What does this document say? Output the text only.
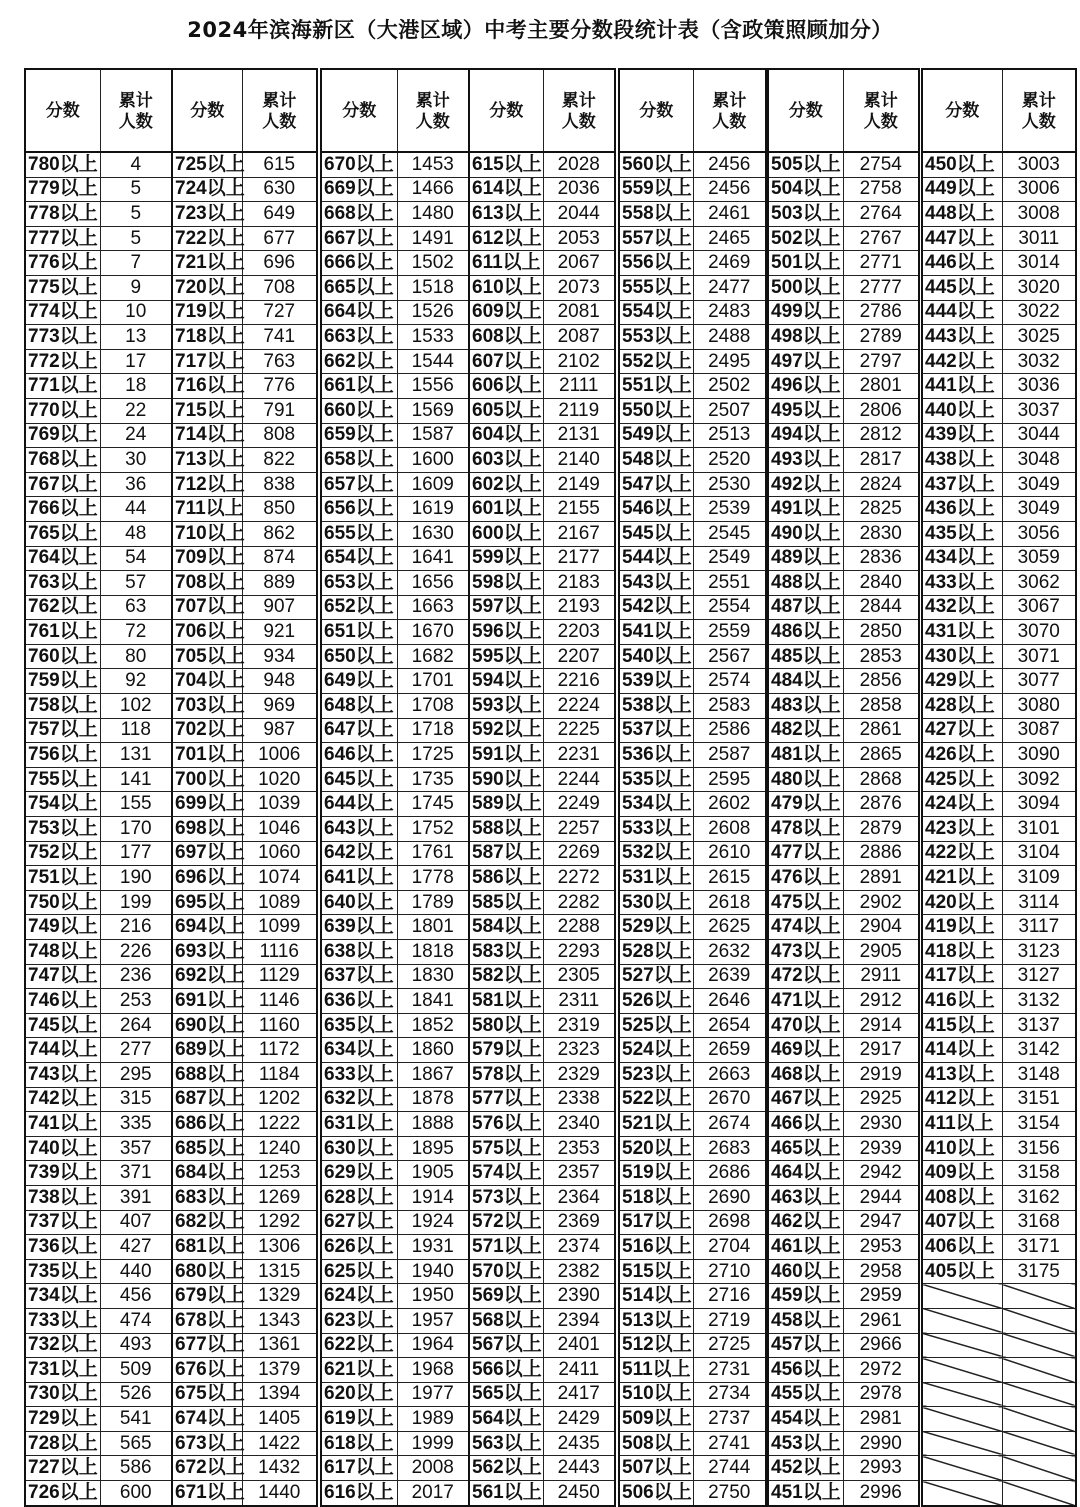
2024年滨海新区（大港区域）中考主要分数段统计表（含政策照顾加分）
分数	累计
人数
780以上	4
779以上	5
778以上	5
777以上	5
776以上	7
775以上	9
774以上	10
773以上	13
772以上	17
771以上	18
770以上	22
769以上	24
768以上	30
767以上	36
766以上	44
765以上	48
764以上	54
763以上	57
762以上	63
761以上	72
760以上	80
759以上	92
758以上	102
757以上	118
756以上	131
755以上	141
754以上	155
753以上	170
752以上	177
751以上	190
750以上	199
749以上	216
748以上	226
747以上	236
746以上	253
745以上	264
744以上	277
743以上	295
742以上	315
741以上	335
740以上	357
739以上	371
738以上	391
737以上	407
736以上	427
735以上	440
734以上	456
733以上	474
732以上	493
731以上	509
730以上	526
729以上	541
728以上	565
727以上	586
726以上	600
分数	累计
人数
725以上	615
724以上	630
723以上	649
722以上	677
721以上	696
720以上	708
719以上	727
718以上	741
717以上	763
716以上	776
715以上	791
714以上	808
713以上	822
712以上	838
711以上	850
710以上	862
709以上	874
708以上	889
707以上	907
706以上	921
705以上	934
704以上	948
703以上	969
702以上	987
701以上	1006
700以上	1020
699以上	1039
698以上	1046
697以上	1060
696以上	1074
695以上	1089
694以上	1099
693以上	1116
692以上	1129
691以上	1146
690以上	1160
689以上	1172
688以上	1184
687以上	1202
686以上	1222
685以上	1240
684以上	1253
683以上	1269
682以上	1292
681以上	1306
680以上	1315
679以上	1329
678以上	1343
677以上	1361
676以上	1379
675以上	1394
674以上	1405
673以上	1422
672以上	1432
671以上	1440
分数	累计
人数
670以上	1453
669以上	1466
668以上	1480
667以上	1491
666以上	1502
665以上	1518
664以上	1526
663以上	1533
662以上	1544
661以上	1556
660以上	1569
659以上	1587
658以上	1600
657以上	1609
656以上	1619
655以上	1630
654以上	1641
653以上	1656
652以上	1663
651以上	1670
650以上	1682
649以上	1701
648以上	1708
647以上	1718
646以上	1725
645以上	1735
644以上	1745
643以上	1752
642以上	1761
641以上	1778
640以上	1789
639以上	1801
638以上	1818
637以上	1830
636以上	1841
635以上	1852
634以上	1860
633以上	1867
632以上	1878
631以上	1888
630以上	1895
629以上	1905
628以上	1914
627以上	1924
626以上	1931
625以上	1940
624以上	1950
623以上	1957
622以上	1964
621以上	1968
620以上	1977
619以上	1989
618以上	1999
617以上	2008
616以上	2017
分数	累计
人数
615以上	2028
614以上	2036
613以上	2044
612以上	2053
611以上	2067
610以上	2073
609以上	2081
608以上	2087
607以上	2102
606以上	2111
605以上	2119
604以上	2131
603以上	2140
602以上	2149
601以上	2155
600以上	2167
599以上	2177
598以上	2183
597以上	2193
596以上	2203
595以上	2207
594以上	2216
593以上	2224
592以上	2225
591以上	2231
590以上	2244
589以上	2249
588以上	2257
587以上	2269
586以上	2272
585以上	2282
584以上	2288
583以上	2293
582以上	2305
581以上	2311
580以上	2319
579以上	2323
578以上	2329
577以上	2338
576以上	2340
575以上	2353
574以上	2357
573以上	2364
572以上	2369
571以上	2374
570以上	2382
569以上	2390
568以上	2394
567以上	2401
566以上	2411
565以上	2417
564以上	2429
563以上	2435
562以上	2443
561以上	2450
分数	累计
人数
560以上	2456
559以上	2456
558以上	2461
557以上	2465
556以上	2469
555以上	2477
554以上	2483
553以上	2488
552以上	2495
551以上	2502
550以上	2507
549以上	2513
548以上	2520
547以上	2530
546以上	2539
545以上	2545
544以上	2549
543以上	2551
542以上	2554
541以上	2559
540以上	2567
539以上	2574
538以上	2583
537以上	2586
536以上	2587
535以上	2595
534以上	2602
533以上	2608
532以上	2610
531以上	2615
530以上	2618
529以上	2625
528以上	2632
527以上	2639
526以上	2646
525以上	2654
524以上	2659
523以上	2663
522以上	2670
521以上	2674
520以上	2683
519以上	2686
518以上	2690
517以上	2698
516以上	2704
515以上	2710
514以上	2716
513以上	2719
512以上	2725
511以上	2731
510以上	2734
509以上	2737
508以上	2741
507以上	2744
506以上	2750
分数	累计
人数
505以上	2754
504以上	2758
503以上	2764
502以上	2767
501以上	2771
500以上	2777
499以上	2786
498以上	2789
497以上	2797
496以上	2801
495以上	2806
494以上	2812
493以上	2817
492以上	2824
491以上	2825
490以上	2830
489以上	2836
488以上	2840
487以上	2844
486以上	2850
485以上	2853
484以上	2856
483以上	2858
482以上	2861
481以上	2865
480以上	2868
479以上	2876
478以上	2879
477以上	2886
476以上	2891
475以上	2902
474以上	2904
473以上	2905
472以上	2911
471以上	2912
470以上	2914
469以上	2917
468以上	2919
467以上	2925
466以上	2930
465以上	2939
464以上	2942
463以上	2944
462以上	2947
461以上	2953
460以上	2958
459以上	2959
458以上	2961
457以上	2966
456以上	2972
455以上	2978
454以上	2981
453以上	2990
452以上	2993
451以上	2996
分数	累计
人数
450以上	3003
449以上	3006
448以上	3008
447以上	3011
446以上	3014
445以上	3020
444以上	3022
443以上	3025
442以上	3032
441以上	3036
440以上	3037
439以上	3044
438以上	3048
437以上	3049
436以上	3049
435以上	3056
434以上	3059
433以上	3062
432以上	3067
431以上	3070
430以上	3071
429以上	3077
428以上	3080
427以上	3087
426以上	3090
425以上	3092
424以上	3094
423以上	3101
422以上	3104
421以上	3109
420以上	3114
419以上	3117
418以上	3123
417以上	3127
416以上	3132
415以上	3137
414以上	3142
413以上	3148
412以上	3151
411以上	3154
410以上	3156
409以上	3158
408以上	3162
407以上	3168
406以上	3171
405以上	3175
